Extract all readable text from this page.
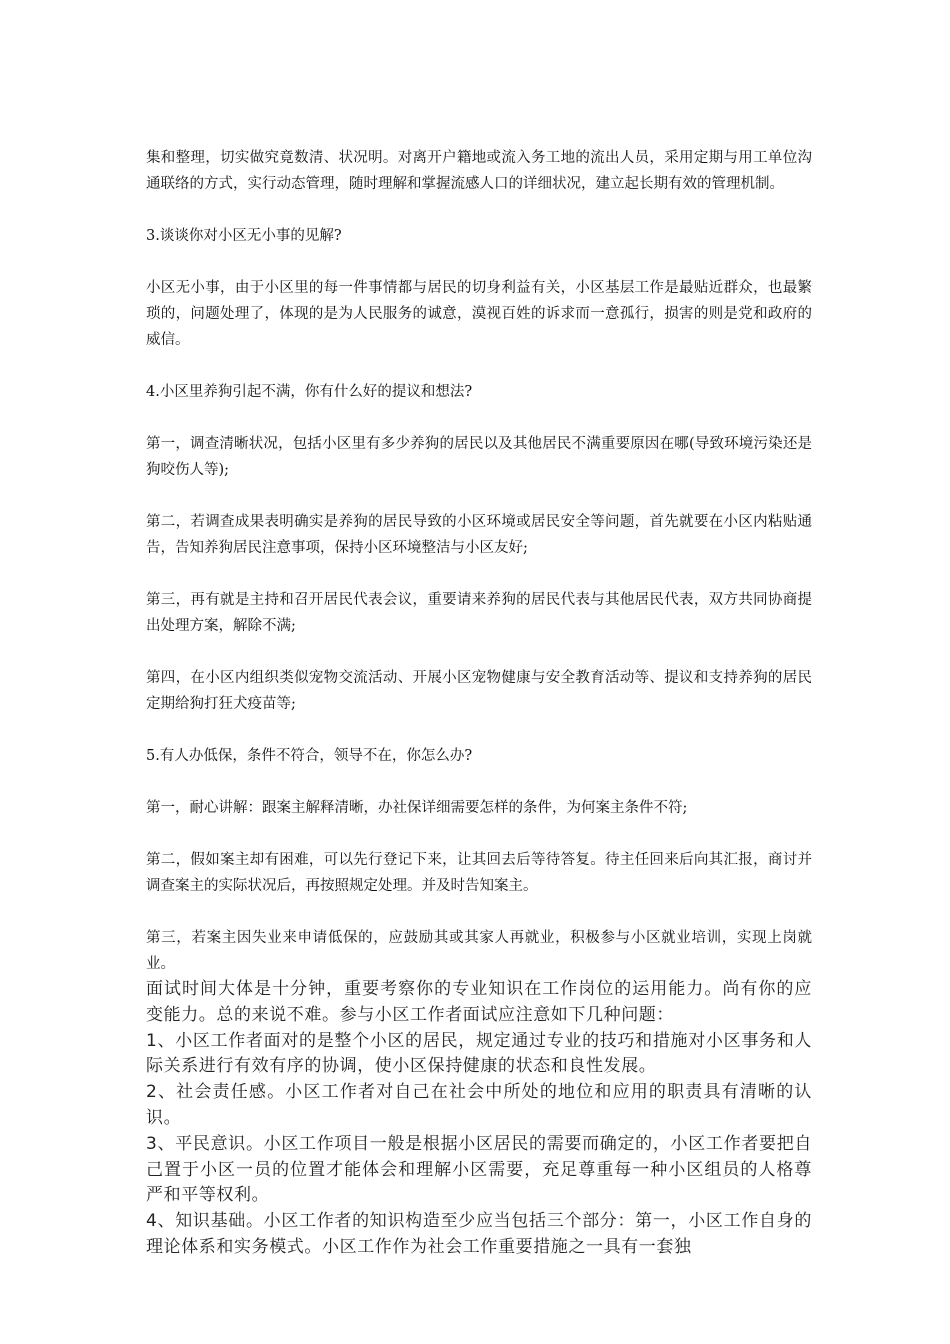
集和整理，切实做究竟数清、状况明。对离开户籍地或流入务工地的流出人员，采用定期与用工单位沟通联络的方式，实行动态管理，随时理解和掌握流感人口的详细状况，建立起长期有效的管理机制。

3.谈谈你对小区无小事的见解?

小区无小事，由于小区里的每一件事情都与居民的切身利益有关，小区基层工作是最贴近群众，也最繁琐的，问题处理了，体现的是为人民服务的诚意，漠视百姓的诉求而一意孤行，损害的则是党和政府的威信。

4.小区里养狗引起不满，你有什么好的提议和想法?

第一，调查清晰状况，包括小区里有多少养狗的居民以及其他居民不满重要原因在哪(导致环境污染还是狗咬伤人等);

第二，若调查成果表明确实是养狗的居民导致的小区环境或居民安全等问题，首先就要在小区内粘贴通告，告知养狗居民注意事项，保持小区环境整洁与小区友好;

第三，再有就是主持和召开居民代表会议，重要请来养狗的居民代表与其他居民代表，双方共同协商提出处理方案，解除不满;

第四，在小区内组织类似宠物交流活动、开展小区宠物健康与安全教育活动等、提议和支持养狗的居民定期给狗打狂犬疫苗等;

5.有人办低保，条件不符合，领导不在，你怎么办?

第一，耐心讲解：跟案主解释清晰，办社保详细需要怎样的条件，为何案主条件不符;

第二，假如案主却有困难，可以先行登记下来，让其回去后等待答复。待主任回来后向其汇报，商讨并调查案主的实际状况后，再按照规定处理。并及时告知案主。

第三，若案主因失业来申请低保的，应鼓励其或其家人再就业，积极参与小区就业培训，实现上岗就业。

面试时间大体是十分钟，重要考察你的专业知识在工作岗位的运用能力。尚有你的应变能力。总的来说不难。参与小区工作者面试应注意如下几种问题：

1、小区工作者面对的是整个小区的居民，规定通过专业的技巧和措施对小区事务和人际关系进行有效有序的协调，使小区保持健康的状态和良性发展。

2、社会责任感。小区工作者对自己在社会中所处的地位和应用的职责具有清晰的认识。

3、平民意识。小区工作项目一般是根据小区居民的需要而确定的，小区工作者要把自己置于小区一员的位置才能体会和理解小区需要，充足尊重每一种小区组员的人格尊严和平等权利。

4、知识基础。小区工作者的知识构造至少应当包括三个部分：第一，小区工作自身的理论体系和实务模式。小区工作作为社会工作重要措施之一具有一套独
